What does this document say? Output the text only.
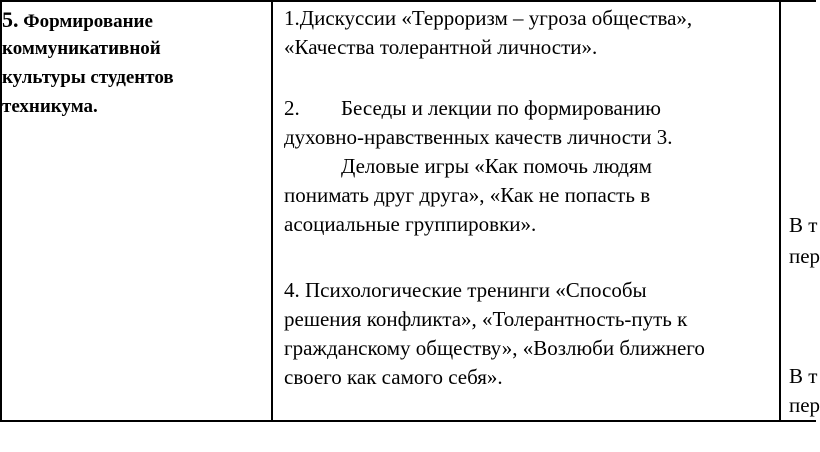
5. Формирование
коммуникативной
культуры студентов
техникума.
1.Дискуссии «Терроризм – угроза общества»,
«Качества толерантной личности».
2. Беседы и лекции по формированию
духовно-нравственных качеств личности 3.
Деловые игры «Как помочь людям
понимать друг друга», «Как не попасть в
асоциальные группировки».
4. Психологические тренинги «Способы
решения конфликта», «Толерантность-путь к
гражданскому обществу», «Возлюби ближнего
своего как самого себя».
В т
пер
В т
пер
